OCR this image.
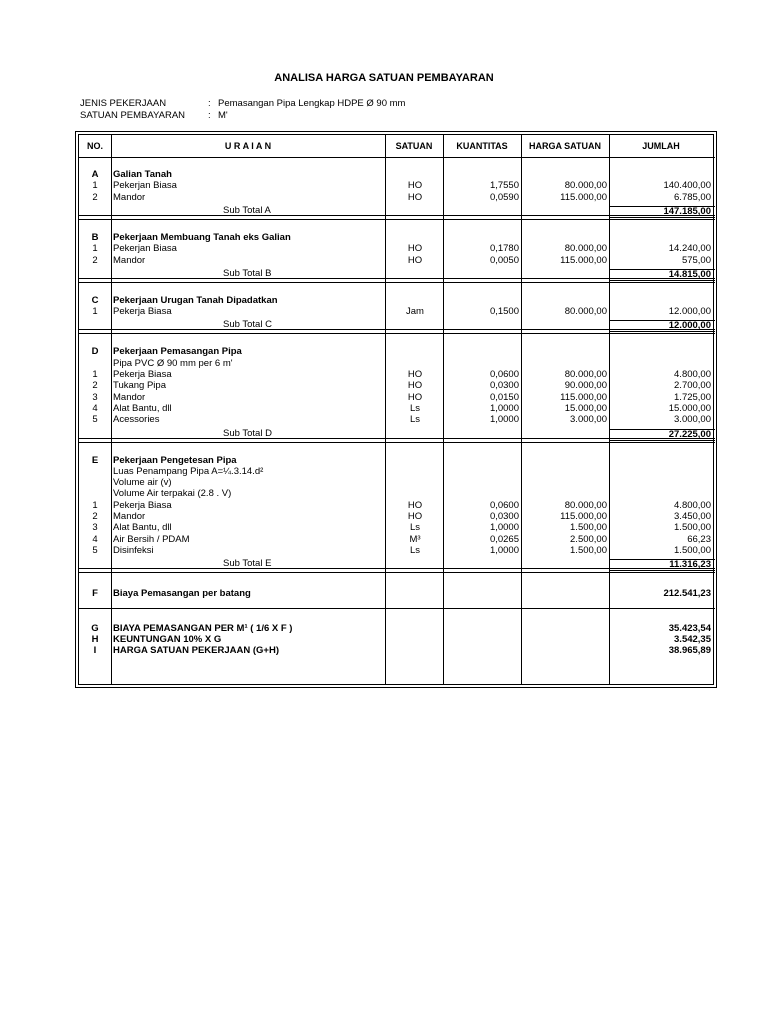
ANALISA HARGA SATUAN PEMBAYARAN
JENIS PEKERJAAN	: Pemasangan Pipa Lengkap HDPE Ø 90 mm
SATUAN PEMBAYARAN : M'
NO.	U R A I A N	SATUAN	KUANTITAS	HARGA SATUAN	JUMLAH
A	Galian Tanah
1	Pekerjan Biasa	HO	1,7550	80.000,00	140.400,00
2	Mandor	HO	0,0590	115.000,00	6.785,00
Sub Total A	147.185,00
B	Pekerjaan Membuang Tanah eks Galian
1	Pekerjan Biasa	HO	0,1780	80.000,00	14.240,00
2	Mandor	HO	0,0050	115.000,00	575,00
Sub Total B	14.815,00
C	Pekerjaan Urugan Tanah Dipadatkan
1	Pekerja Biasa	Jam	0,1500	80.000,00	12.000,00
Sub Total C	12.000,00
D	Pekerjaan Pemasangan Pipa
Pipa PVC Ø 90 mm per 6 m'
1	Pekerja Biasa	HO	0,0600	80.000,00	4.800,00
2	Tukang Pipa	HO	0,0300	90.000,00	2.700,00
3	Mandor	HO	0,0150	115.000,00	1.725,00
4	Alat Bantu, dll	Ls	1,0000	15.000,00	15.000,00
5	Acessories	Ls	1,0000	3.000,00	3.000,00
Sub Total D	27.225,00
E	Pekerjaan Pengetesan Pipa
Luas Penampang Pipa A=¼.3.14.d²
Volume air (v)
Volume Air terpakai (2.8 . V)
1	Pekerja Biasa	HO	0,0600	80.000,00	4.800,00
2	Mandor	HO	0,0300	115.000,00	3.450,00
3	Alat Bantu, dll	Ls	1,0000	1.500,00	1.500,00
4	Air Bersih / PDAM	M³	0,0265	2.500,00	66,23
5	Disinfeksi	Ls	1,0000	1.500,00	1.500,00
Sub Total E	11.316,23
F	Biaya Pemasangan per batang	212.541,23
G	BIAYA PEMASANGAN PER M¹ ( 1/6 X F )	35.423,54
H	KEUNTUNGAN 10% X G	3.542,35
I	HARGA SATUAN PEKERJAAN (G+H)	38.965,89
